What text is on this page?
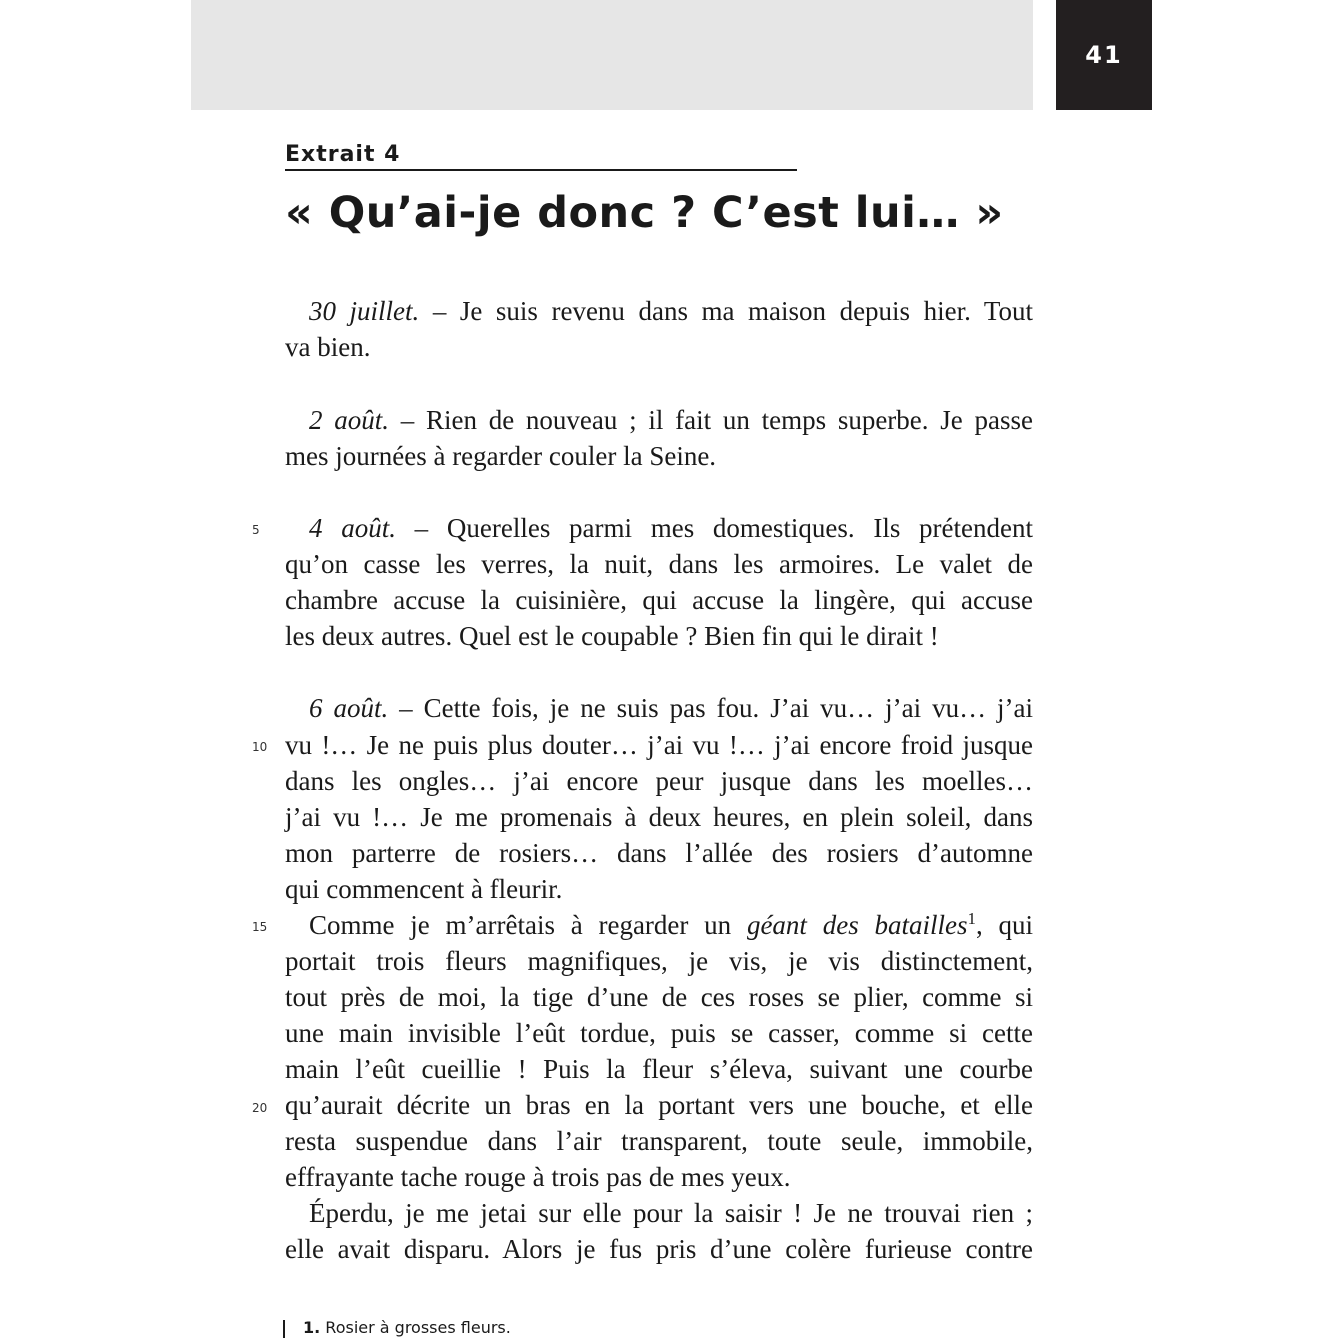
41
Extrait 4
« Qu’ai-je donc ? C’est lui… »
30 juillet. – Je suis revenu dans ma maison depuis hier. Tout
va bien.
2 août. – Rien de nouveau ; il fait un temps superbe. Je passe
mes journées à regarder couler la Seine.
5	4 août. – Querelles parmi mes domestiques. Ils prétendent
qu’on casse les verres, la nuit, dans les armoires. Le valet de
chambre accuse la cuisinière, qui accuse la lingère, qui accuse
les deux autres. Quel est le coupable ? Bien fin qui le dirait !
6 août. – Cette fois, je ne suis pas fou. J’ai vu… j’ai vu… j’ai
10 vu !… Je ne puis plus douter… j’ai vu !… j’ai encore froid jusque
dans les ongles… j’ai encore peur jusque dans les moelles…
j’ai vu !… Je me promenais à deux heures, en plein soleil, dans
mon parterre de rosiers… dans l’allée des rosiers d’automne
qui commencent à fleurir.
15	Comme je m’arrêtais à regarder un géant des batailles$^1$, qui
portait trois fleurs magnifiques, je vis, je vis distinctement,
tout près de moi, la tige d’une de ces roses se plier, comme si
une main invisible l’eût tordue, puis se casser, comme si cette
main l’eût cueillie ! Puis la fleur s’éleva, suivant une courbe
20 qu’aurait décrite un bras en la portant vers une bouche, et elle
resta suspendue dans l’air transparent, toute seule, immobile,
effrayante tache rouge à trois pas de mes yeux.
Éperdu, je me jetai sur elle pour la saisir ! Je ne trouvai rien ;
elle avait disparu. Alors je fus pris d’une colère furieuse contre
1. Rosier à grosses fleurs.
